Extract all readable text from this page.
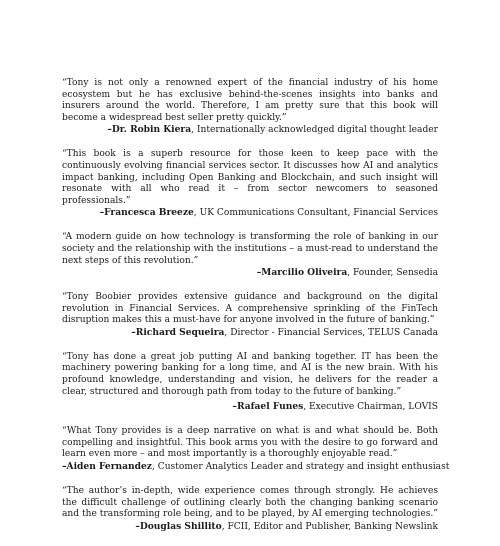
“Tony is not only a renowned expert of the financial industry of his home ecosystem but he has exclusive behind-the-scenes insights into banks and insurers around the world. Therefore, I am pretty sure that this book will become a widespread best seller pretty quickly.”
–Dr. Robin Kiera, Internationally acknowledged digital thought leader
“This book is a superb resource for those keen to keep pace with the continuously evolving financial services sector. It discusses how AI and analytics impact banking, including Open Banking and Blockchain, and such insight will resonate with all who read it – from sector newcomers to seasoned professionals.”
–Francesca Breeze, UK Communications Consultant, Financial Services
“A modern guide on how technology is transforming the role of banking in our society and the relationship with the institutions – a must-read to understand the next steps of this revolution.”
–Marcilio Oliveira, Founder, Sensedia
“Tony Boobier provides extensive guidance and background on the digital revolution in Financial Services. A comprehensive sprinkling of the FinTech disruption makes this a must-have for anyone involved in the future of banking.”
–Richard Sequeira, Director - Financial Services, TELUS Canada
“Tony has done a great job putting AI and banking together. IT has been the machinery powering banking for a long time, and AI is the new brain. With his profound knowledge, understanding and vision, he delivers for the reader a clear, structured and thorough path from today to the future of banking.”
–Rafael Funes, Executive Chairman, LOVIS
“What Tony provides is a deep narrative on what is and what should be. Both compelling and insightful. This book arms you with the desire to go forward and learn even more – and most importantly is a thoroughly enjoyable read.”
–Aiden Fernandez, Customer Analytics Leader and strategy and insight enthusiast
“The author’s in-depth, wide experience comes through strongly. He achieves the difficult challenge of outlining clearly both the changing banking scenario and the transforming role being, and to be played, by AI emerging technologies.”
–Douglas Shillito, FCII, Editor and Publisher, Banking Newslink
